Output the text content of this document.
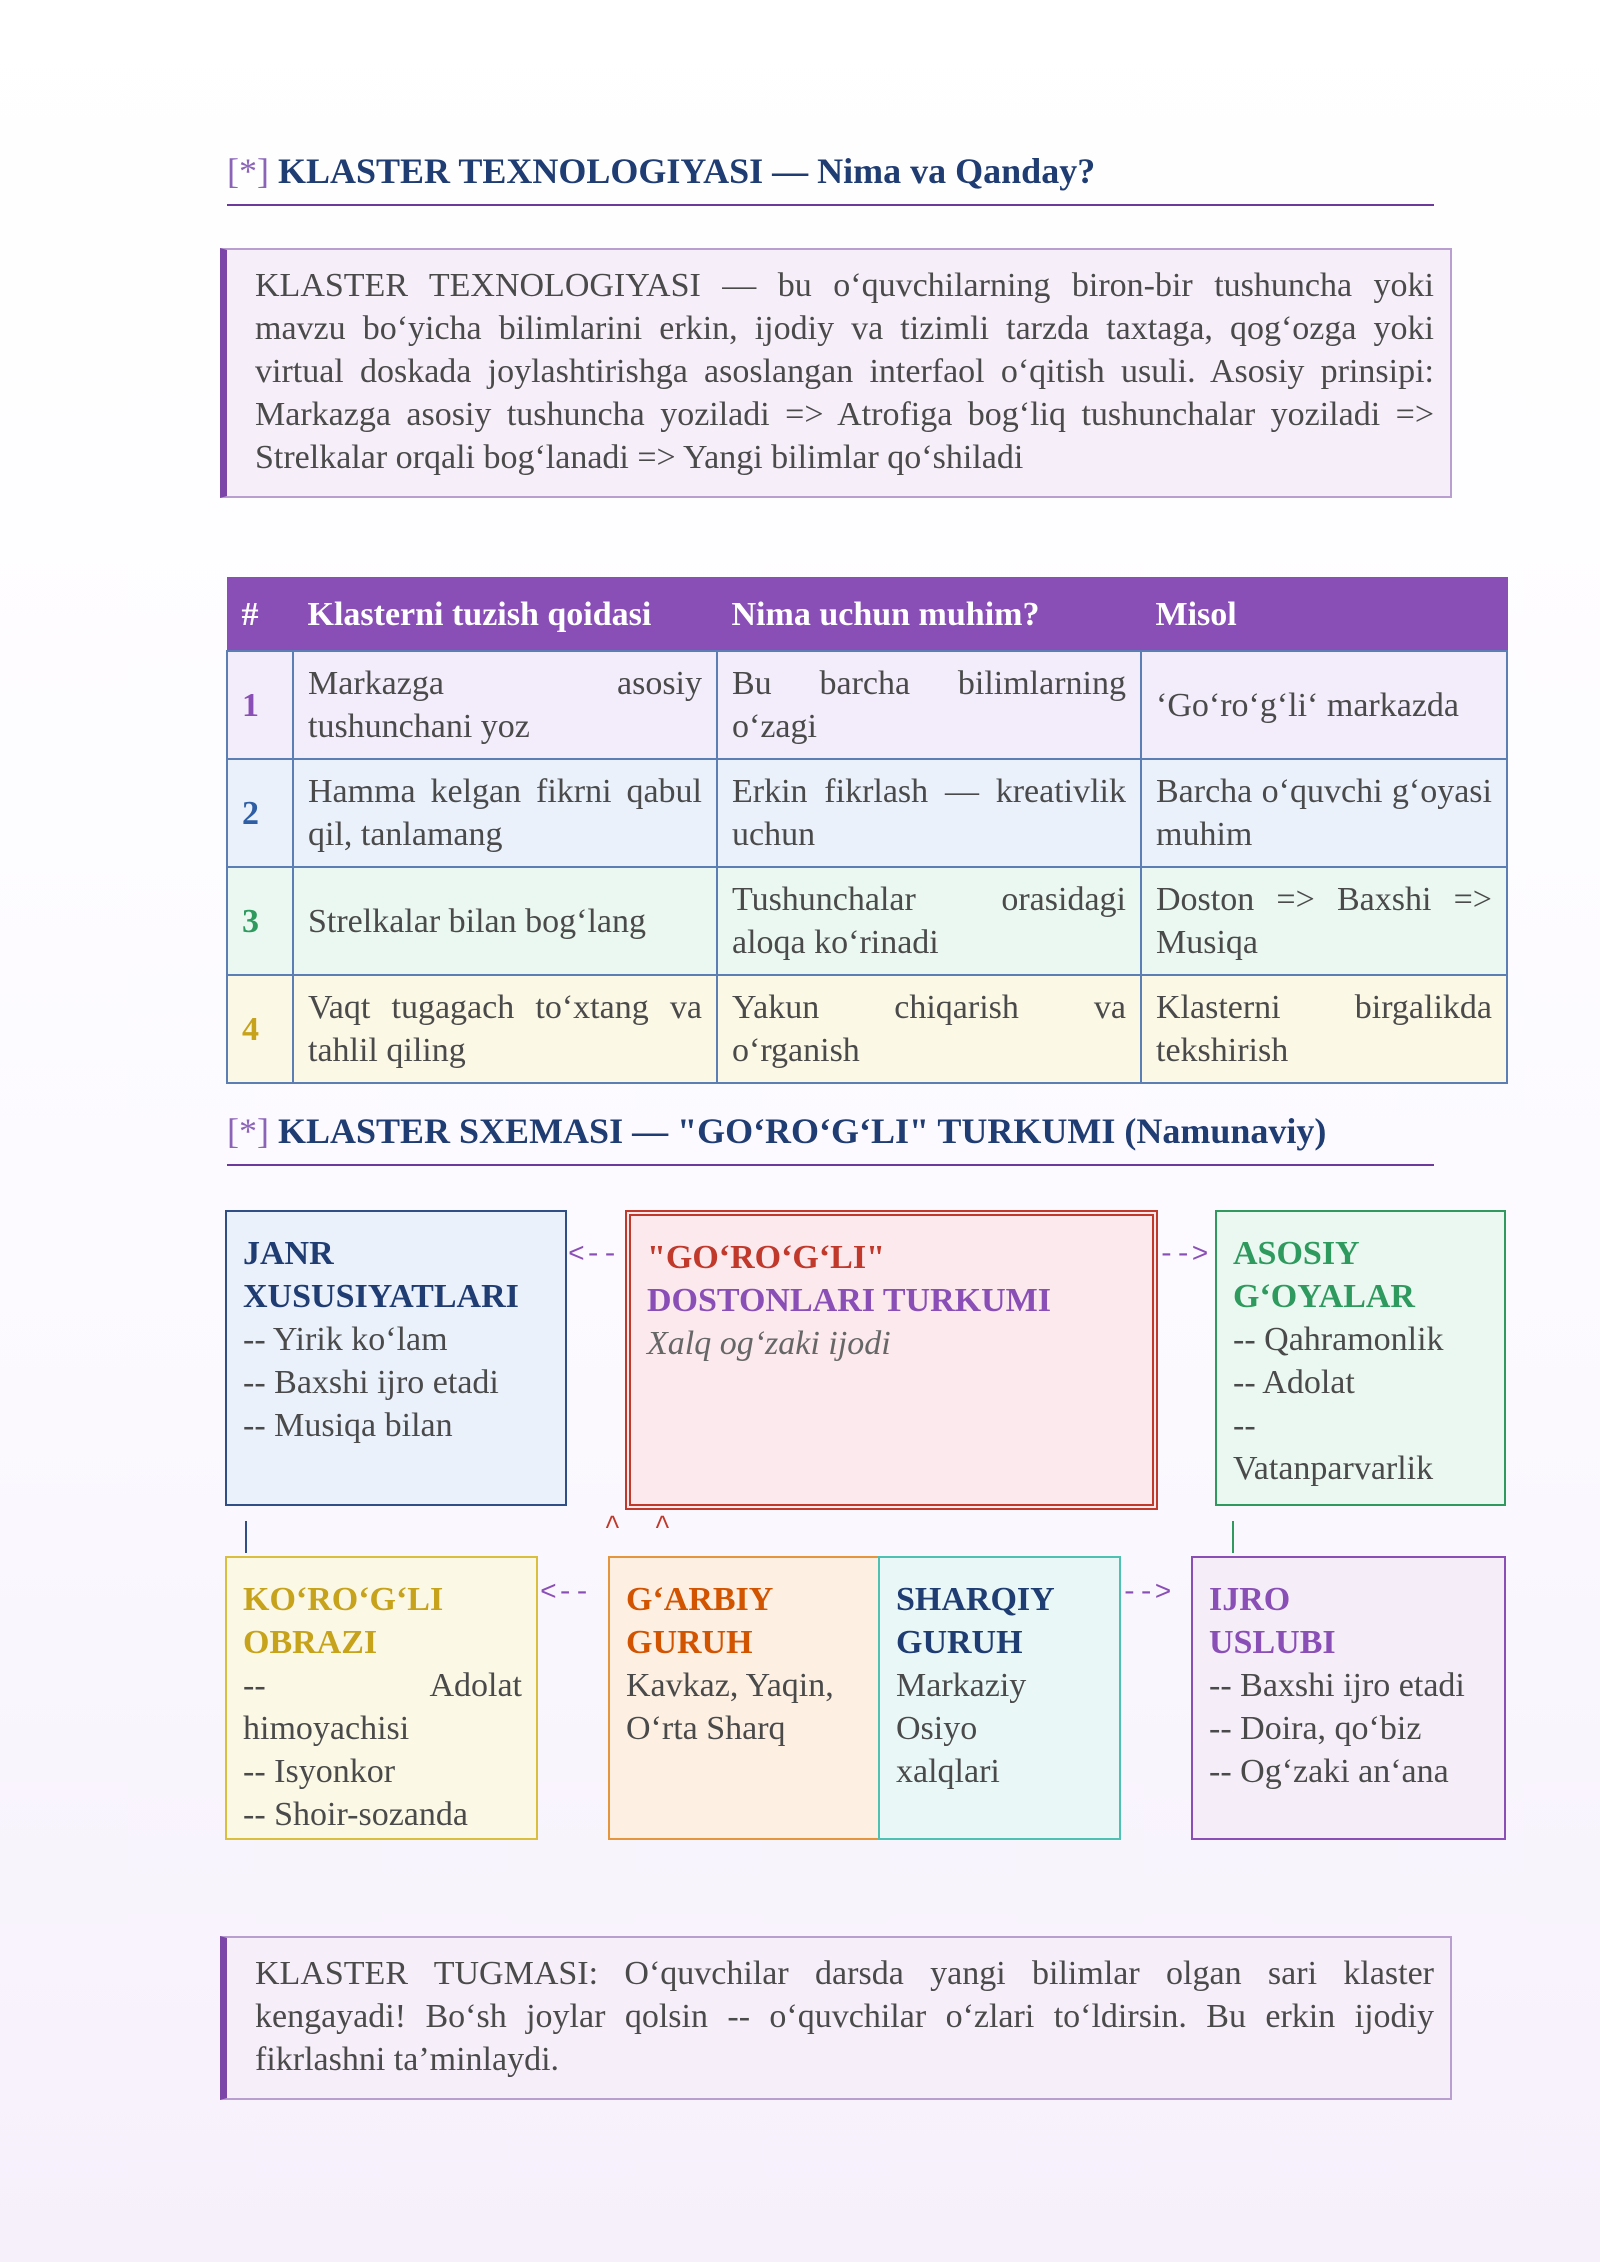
[*] KLASTER TEXNOLOGIYASI — Nima va Qanday?
KLASTER TEXNOLOGIYASI — bu o‘quvchilarning biron-bir tushuncha yoki mavzu bo‘yicha bilimlarini erkin, ijodiy va tizimli tarzda taxtaga, qog‘ozga yoki virtual doskada joylashtirishga asoslangan interfaol o‘qitish usuli. Asosiy prinsipi: Markazga asosiy tushuncha yoziladi => Atrofiga bog‘liq tushunchalar yoziladi => Strelkalar orqali bog‘lanadi => Yangi bilimlar qo‘shiladi
#	Klasterni tuzish qoidasi	Nima uchun muhim?	Misol
1	Markazga asosiy tushunchani yoz	Bu barcha bilimlarning o‘zagi	‘Go‘ro‘g‘li‘ markazda
2	Hamma kelgan fikrni qabul qil, tanlamang	Erkin fikrlash — kreativlik uchun	Barcha o‘quvchi g‘oyasi muhim
3	Strelkalar bilan bog‘lang	Tushunchalar orasidagi aloqa ko‘rinadi	Doston => Baxshi => Musiqa
4	Vaqt tugagach to‘xtang va tahlil qiling	Yakun chiqarish va o‘rganish	Klasterni birgalikda tekshirish
[*] KLASTER SXEMASI — "GO‘RO‘G‘LI" TURKUMI (Namunaviy)
JANR
XUSUSIYATLARI
-- Yirik ko‘lam
-- Baxshi ijro etadi
-- Musiqa bilan
<-- "GO‘RO‘G‘LI"
DOSTONLARI TURKUMI
Xalq og‘zaki ijodi
--> ASOSIY
G‘OYALAR
-- Qahramonlik
-- Adolat
--
Vatanparvarlik
^ ^
KO‘RO‘G‘LI
OBRAZI
-- Adolat
himoyachisi
-- Isyonkor
-- Shoir-sozanda
<-- G‘ARBIY
GURUH
Kavkaz, Yaqin,
O‘rta Sharq
SHARQIY
GURUH
Markaziy
Osiyo
xalqlari
--> IJRO
USLUBI
-- Baxshi ijro etadi
-- Doira, qo‘biz
-- Og‘zaki an‘ana
KLASTER TUGMASI: O‘quvchilar darsda yangi bilimlar olgan sari klaster kengayadi! Bo‘sh joylar qolsin -- o‘quvchilar o‘zlari to‘ldirsin. Bu erkin ijodiy fikrlashni ta’minlaydi.
